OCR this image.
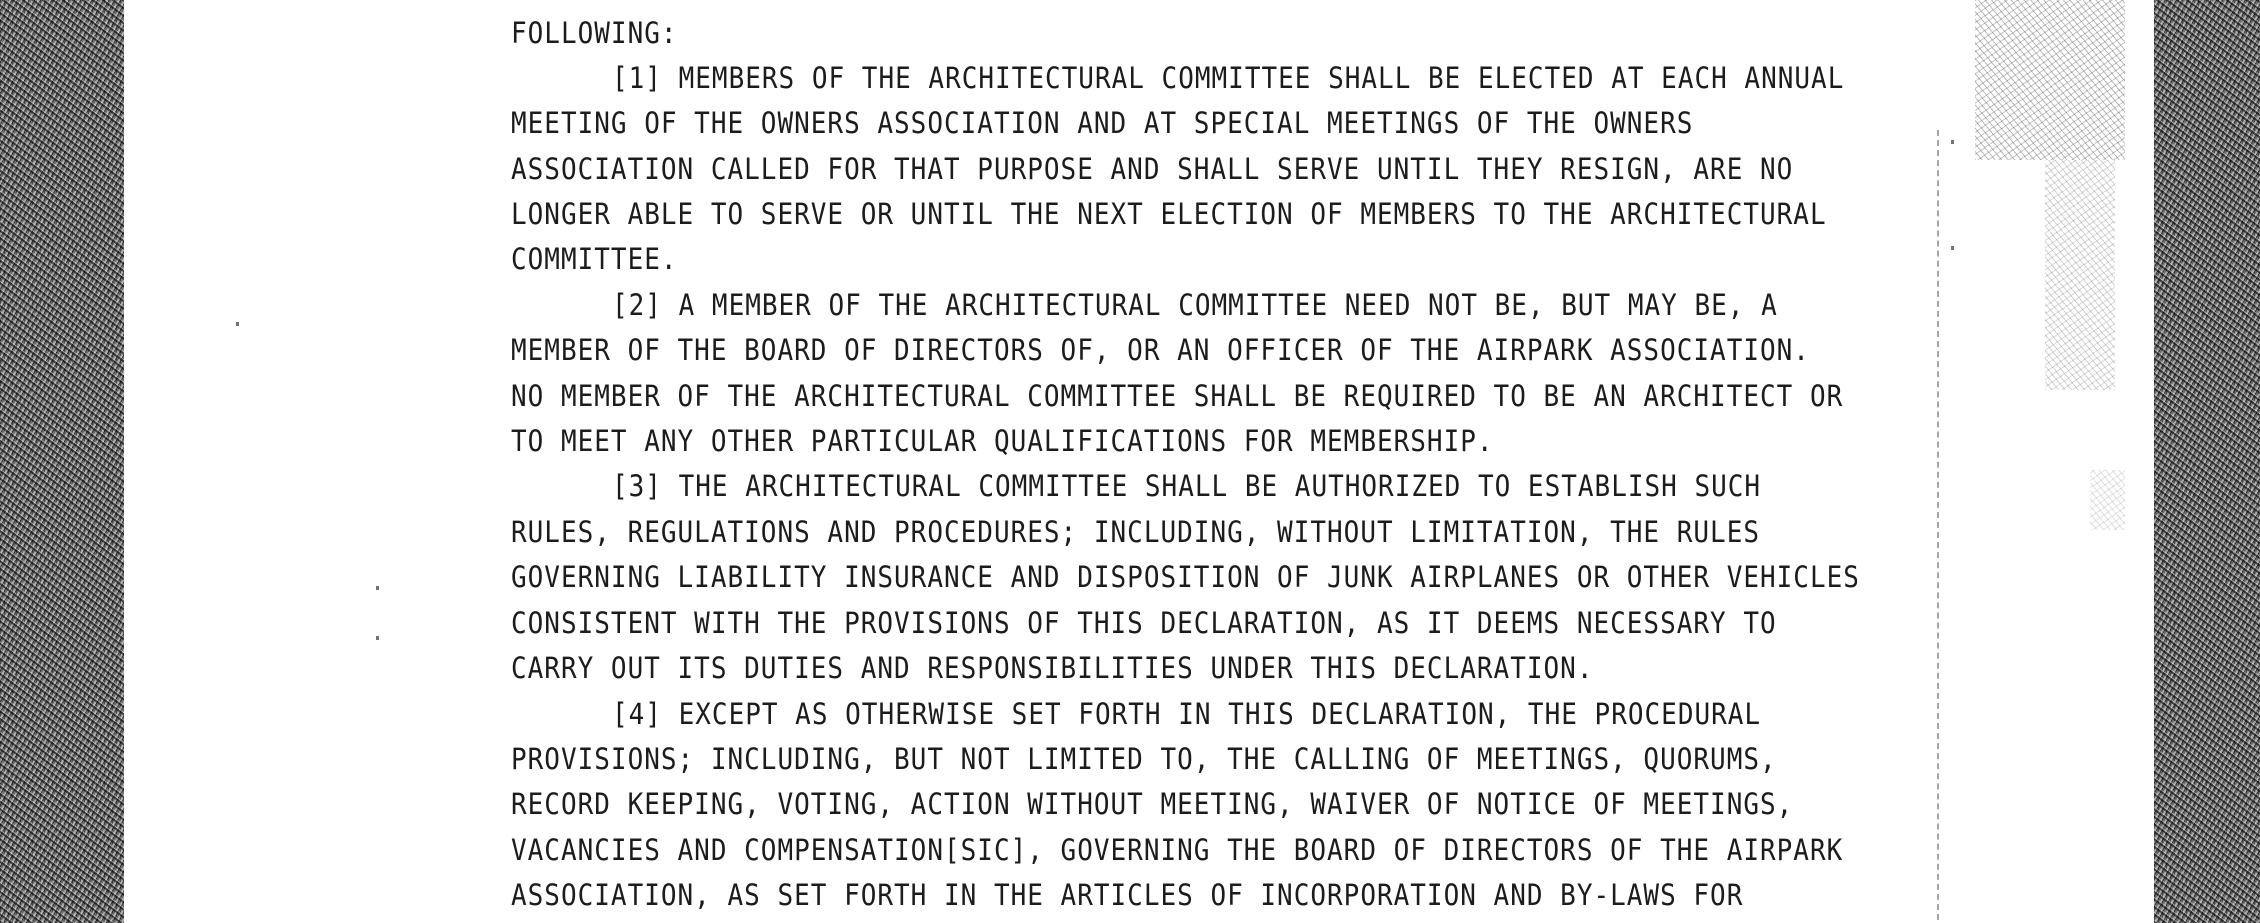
FOLLOWING:
[1] MEMBERS OF THE ARCHITECTURAL COMMITTEE SHALL BE ELECTED AT EACH ANNUAL
MEETING OF THE OWNERS ASSOCIATION AND AT SPECIAL MEETINGS OF THE OWNERS
ASSOCIATION CALLED FOR THAT PURPOSE AND SHALL SERVE UNTIL THEY RESIGN, ARE NO
LONGER ABLE TO SERVE OR UNTIL THE NEXT ELECTION OF MEMBERS TO THE ARCHITECTURAL
COMMITTEE.
[2] A MEMBER OF THE ARCHITECTURAL COMMITTEE NEED NOT BE, BUT MAY BE, A
MEMBER OF THE BOARD OF DIRECTORS OF, OR AN OFFICER OF THE AIRPARK ASSOCIATION.
NO MEMBER OF THE ARCHITECTURAL COMMITTEE SHALL BE REQUIRED TO BE AN ARCHITECT OR
TO MEET ANY OTHER PARTICULAR QUALIFICATIONS FOR MEMBERSHIP.
[3] THE ARCHITECTURAL COMMITTEE SHALL BE AUTHORIZED TO ESTABLISH SUCH
RULES, REGULATIONS AND PROCEDURES; INCLUDING, WITHOUT LIMITATION, THE RULES
GOVERNING LIABILITY INSURANCE AND DISPOSITION OF JUNK AIRPLANES OR OTHER VEHICLES
CONSISTENT WITH THE PROVISIONS OF THIS DECLARATION, AS IT DEEMS NECESSARY TO
CARRY OUT ITS DUTIES AND RESPONSIBILITIES UNDER THIS DECLARATION.
[4] EXCEPT AS OTHERWISE SET FORTH IN THIS DECLARATION, THE PROCEDURAL
PROVISIONS; INCLUDING, BUT NOT LIMITED TO, THE CALLING OF MEETINGS, QUORUMS,
RECORD KEEPING, VOTING, ACTION WITHOUT MEETING, WAIVER OF NOTICE OF MEETINGS,
VACANCIES AND COMPENSATION[SIC], GOVERNING THE BOARD OF DIRECTORS OF THE AIRPARK
ASSOCIATION, AS SET FORTH IN THE ARTICLES OF INCORPORATION AND BY-LAWS FOR
